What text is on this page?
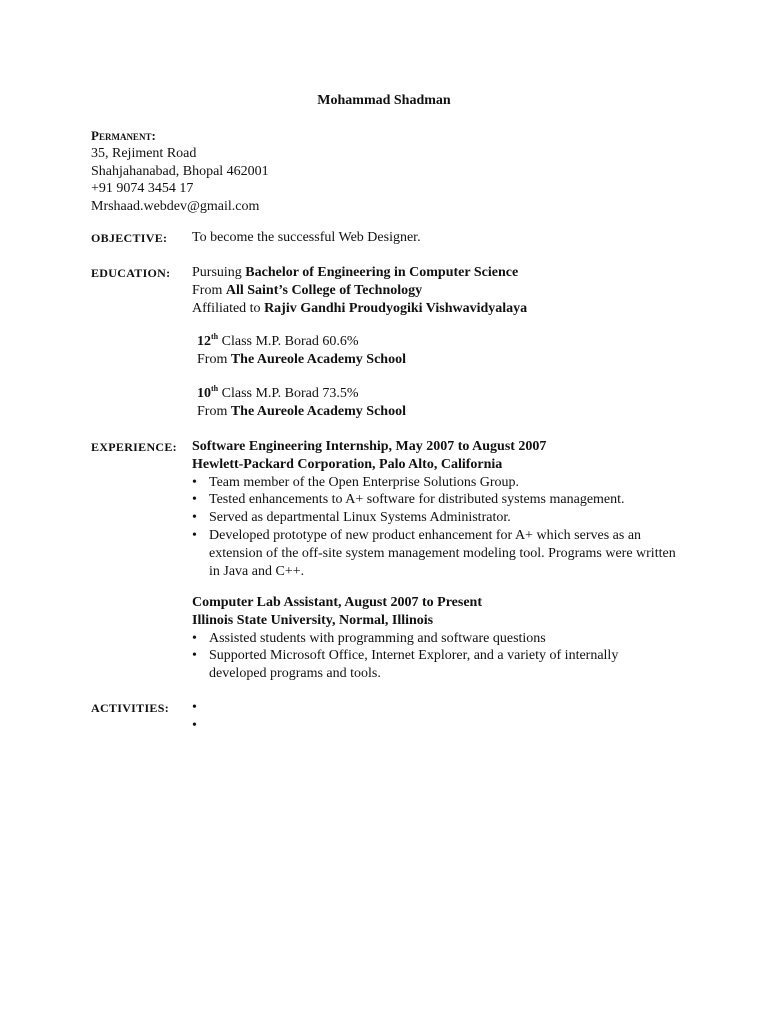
Mohammad Shadman
Permanent:
35, Rejiment Road
Shahjahanabad, Bhopal 462001
+91 9074 3454 17
Mrshaad.webdev@gmail.com
OBJECTIVE: To become the successful Web Designer.
EDUCATION: Pursuing Bachelor of Engineering in Computer Science
From All Saint’s College of Technology
Affiliated to Rajiv Gandhi Proudyogiki Vishwavidyalaya
12th Class M.P. Borad 60.6%
From The Aureole Academy School
10th Class M.P. Borad 73.5%
From The Aureole Academy School
EXPERIENCE: Software Engineering Internship, May 2007 to August 2007
Hewlett-Packard Corporation, Palo Alto, California
• Team member of the Open Enterprise Solutions Group.
• Tested enhancements to A+ software for distributed systems management.
• Served as departmental Linux Systems Administrator.
• Developed prototype of new product enhancement for A+ which serves as an extension of the off-site system management modeling tool. Programs were written in Java and C++.
Computer Lab Assistant, August 2007 to Present
Illinois State University, Normal, Illinois
• Assisted students with programming and software questions
• Supported Microsoft Office, Internet Explorer, and a variety of internally developed programs and tools.
ACTIVITIES:
•
•
